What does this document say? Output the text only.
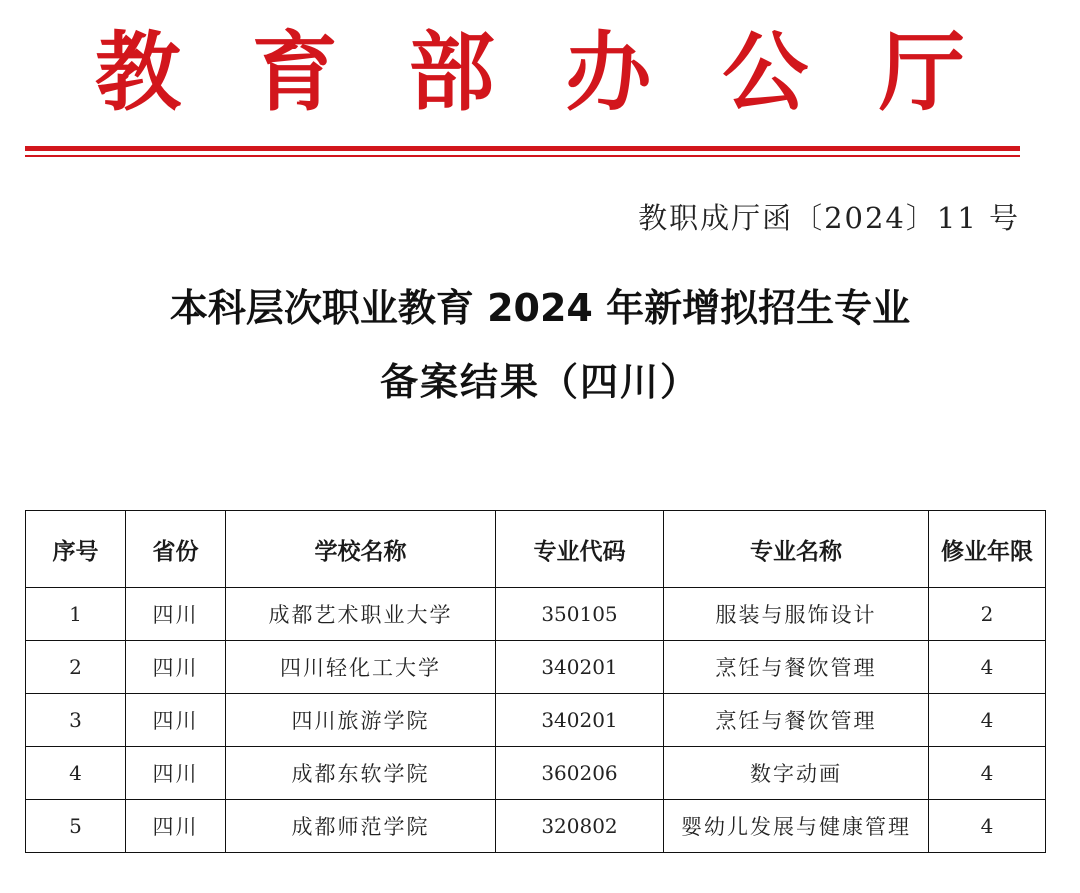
教 育 部 办 公 厅
教职成厅函〔2024〕11 号
本科层次职业教育 2024 年新增拟招生专业
备案结果（四川）
序号	省份	学校名称	专业代码	专业名称	修业年限
1	四川	成都艺术职业大学	350105	服装与服饰设计	2
2	四川	四川轻化工大学	340201	烹饪与餐饮管理	4
3	四川	四川旅游学院	340201	烹饪与餐饮管理	4
4	四川	成都东软学院	360206	数字动画	4
5	四川	成都师范学院	320802	婴幼儿发展与健康管理	4
